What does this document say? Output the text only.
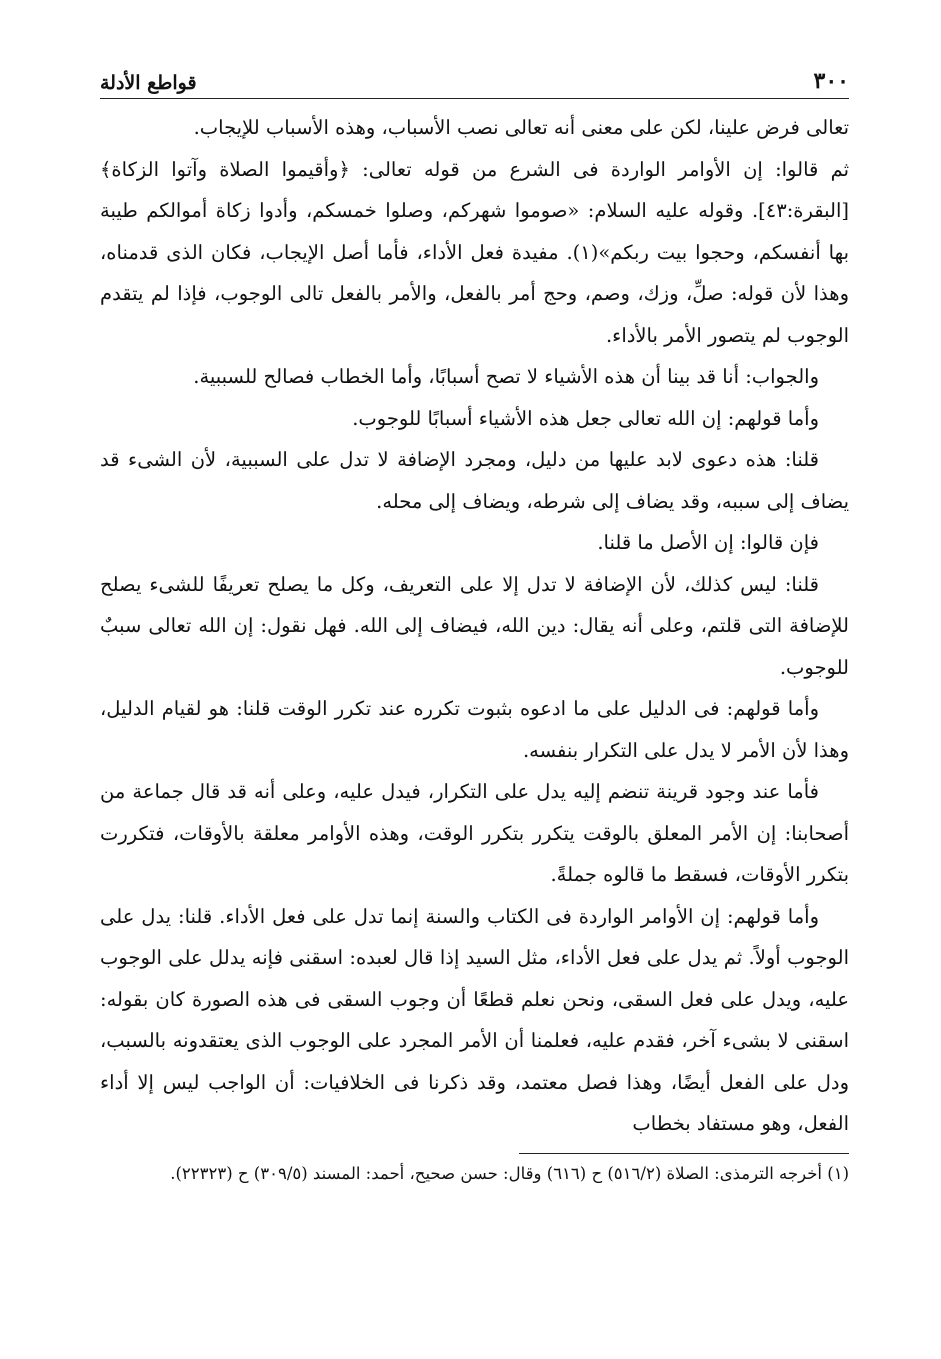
٣٠٠
قواطع الأدلة

تعالى فرض علينا، لكن على معنى أنه تعالى نصب الأسباب، وهذه الأسباب للإيجاب.

ثم قالوا: إن الأوامر الواردة فى الشرع من قوله تعالى: ﴿وأقيموا الصلاة وآتوا الزكاة﴾ [البقرة:٤٣]. وقوله عليه السلام: «صوموا شهركم، وصلوا خمسكم، وأدوا زكاة أموالكم طيبة بها أنفسكم، وحجوا بيت ربكم»(١). مفيدة فعل الأداء، فأما أصل الإيجاب، فكان الذى قدمناه، وهذا لأن قوله: صلِّ، وزك، وصم، وحج أمر بالفعل، والأمر بالفعل تالى الوجوب، فإذا لم يتقدم الوجوب لم يتصور الأمر بالأداء.

والجواب: أنا قد بينا أن هذه الأشياء لا تصح أسبابًا، وأما الخطاب فصالح للسببية.

وأما قولهم: إن الله تعالى جعل هذه الأشياء أسبابًا للوجوب.

قلنا: هذه دعوى لابد عليها من دليل، ومجرد الإضافة لا تدل على السببية، لأن الشىء قد يضاف إلى سببه، وقد يضاف إلى شرطه، ويضاف إلى محله.

فإن قالوا: إن الأصل ما قلنا.

قلنا: ليس كذلك، لأن الإضافة لا تدل إلا على التعريف، وكل ما يصلح تعريفًا للشىء يصلح للإضافة التى قلتم، وعلى أنه يقال: دين الله، فيضاف إلى الله. فهل نقول: إن الله تعالى سببٌ للوجوب.

وأما قولهم: فى الدليل على ما ادعوه بثبوت تكرره عند تكرر الوقت قلنا: هو لقيام الدليل، وهذا لأن الأمر لا يدل على التكرار بنفسه.

فأما عند وجود قرينة تنضم إليه يدل على التكرار، فيدل عليه، وعلى أنه قد قال جماعة من أصحابنا: إن الأمر المعلق بالوقت يتكرر بتكرر الوقت، وهذه الأوامر معلقة بالأوقات، فتكررت بتكرر الأوقات، فسقط ما قالوه جملةً.

وأما قولهم: إن الأوامر الواردة فى الكتاب والسنة إنما تدل على فعل الأداء. قلنا: يدل على الوجوب أولاً. ثم يدل على فعل الأداء، مثل السيد إذا قال لعبده: اسقنى فإنه يدلل على الوجوب عليه، ويدل على فعل السقى، ونحن نعلم قطعًا أن وجوب السقى فى هذه الصورة كان بقوله: اسقنى لا بشىء آخر، فقدم عليه، فعلمنا أن الأمر المجرد على الوجوب الذى يعتقدونه بالسبب، ودل على الفعل أيضًا، وهذا فصل معتمد، وقد ذكرنا فى الخلافيات: أن الواجب ليس إلا أداء الفعل، وهو مستفاد بخطاب

(١) أخرجه الترمذى: الصلاة (٥١٦/٢) ح (٦١٦) وقال: حسن صحيح، أحمد: المسند (٣٠٩/٥) ح (٢٢٣٢٣).
